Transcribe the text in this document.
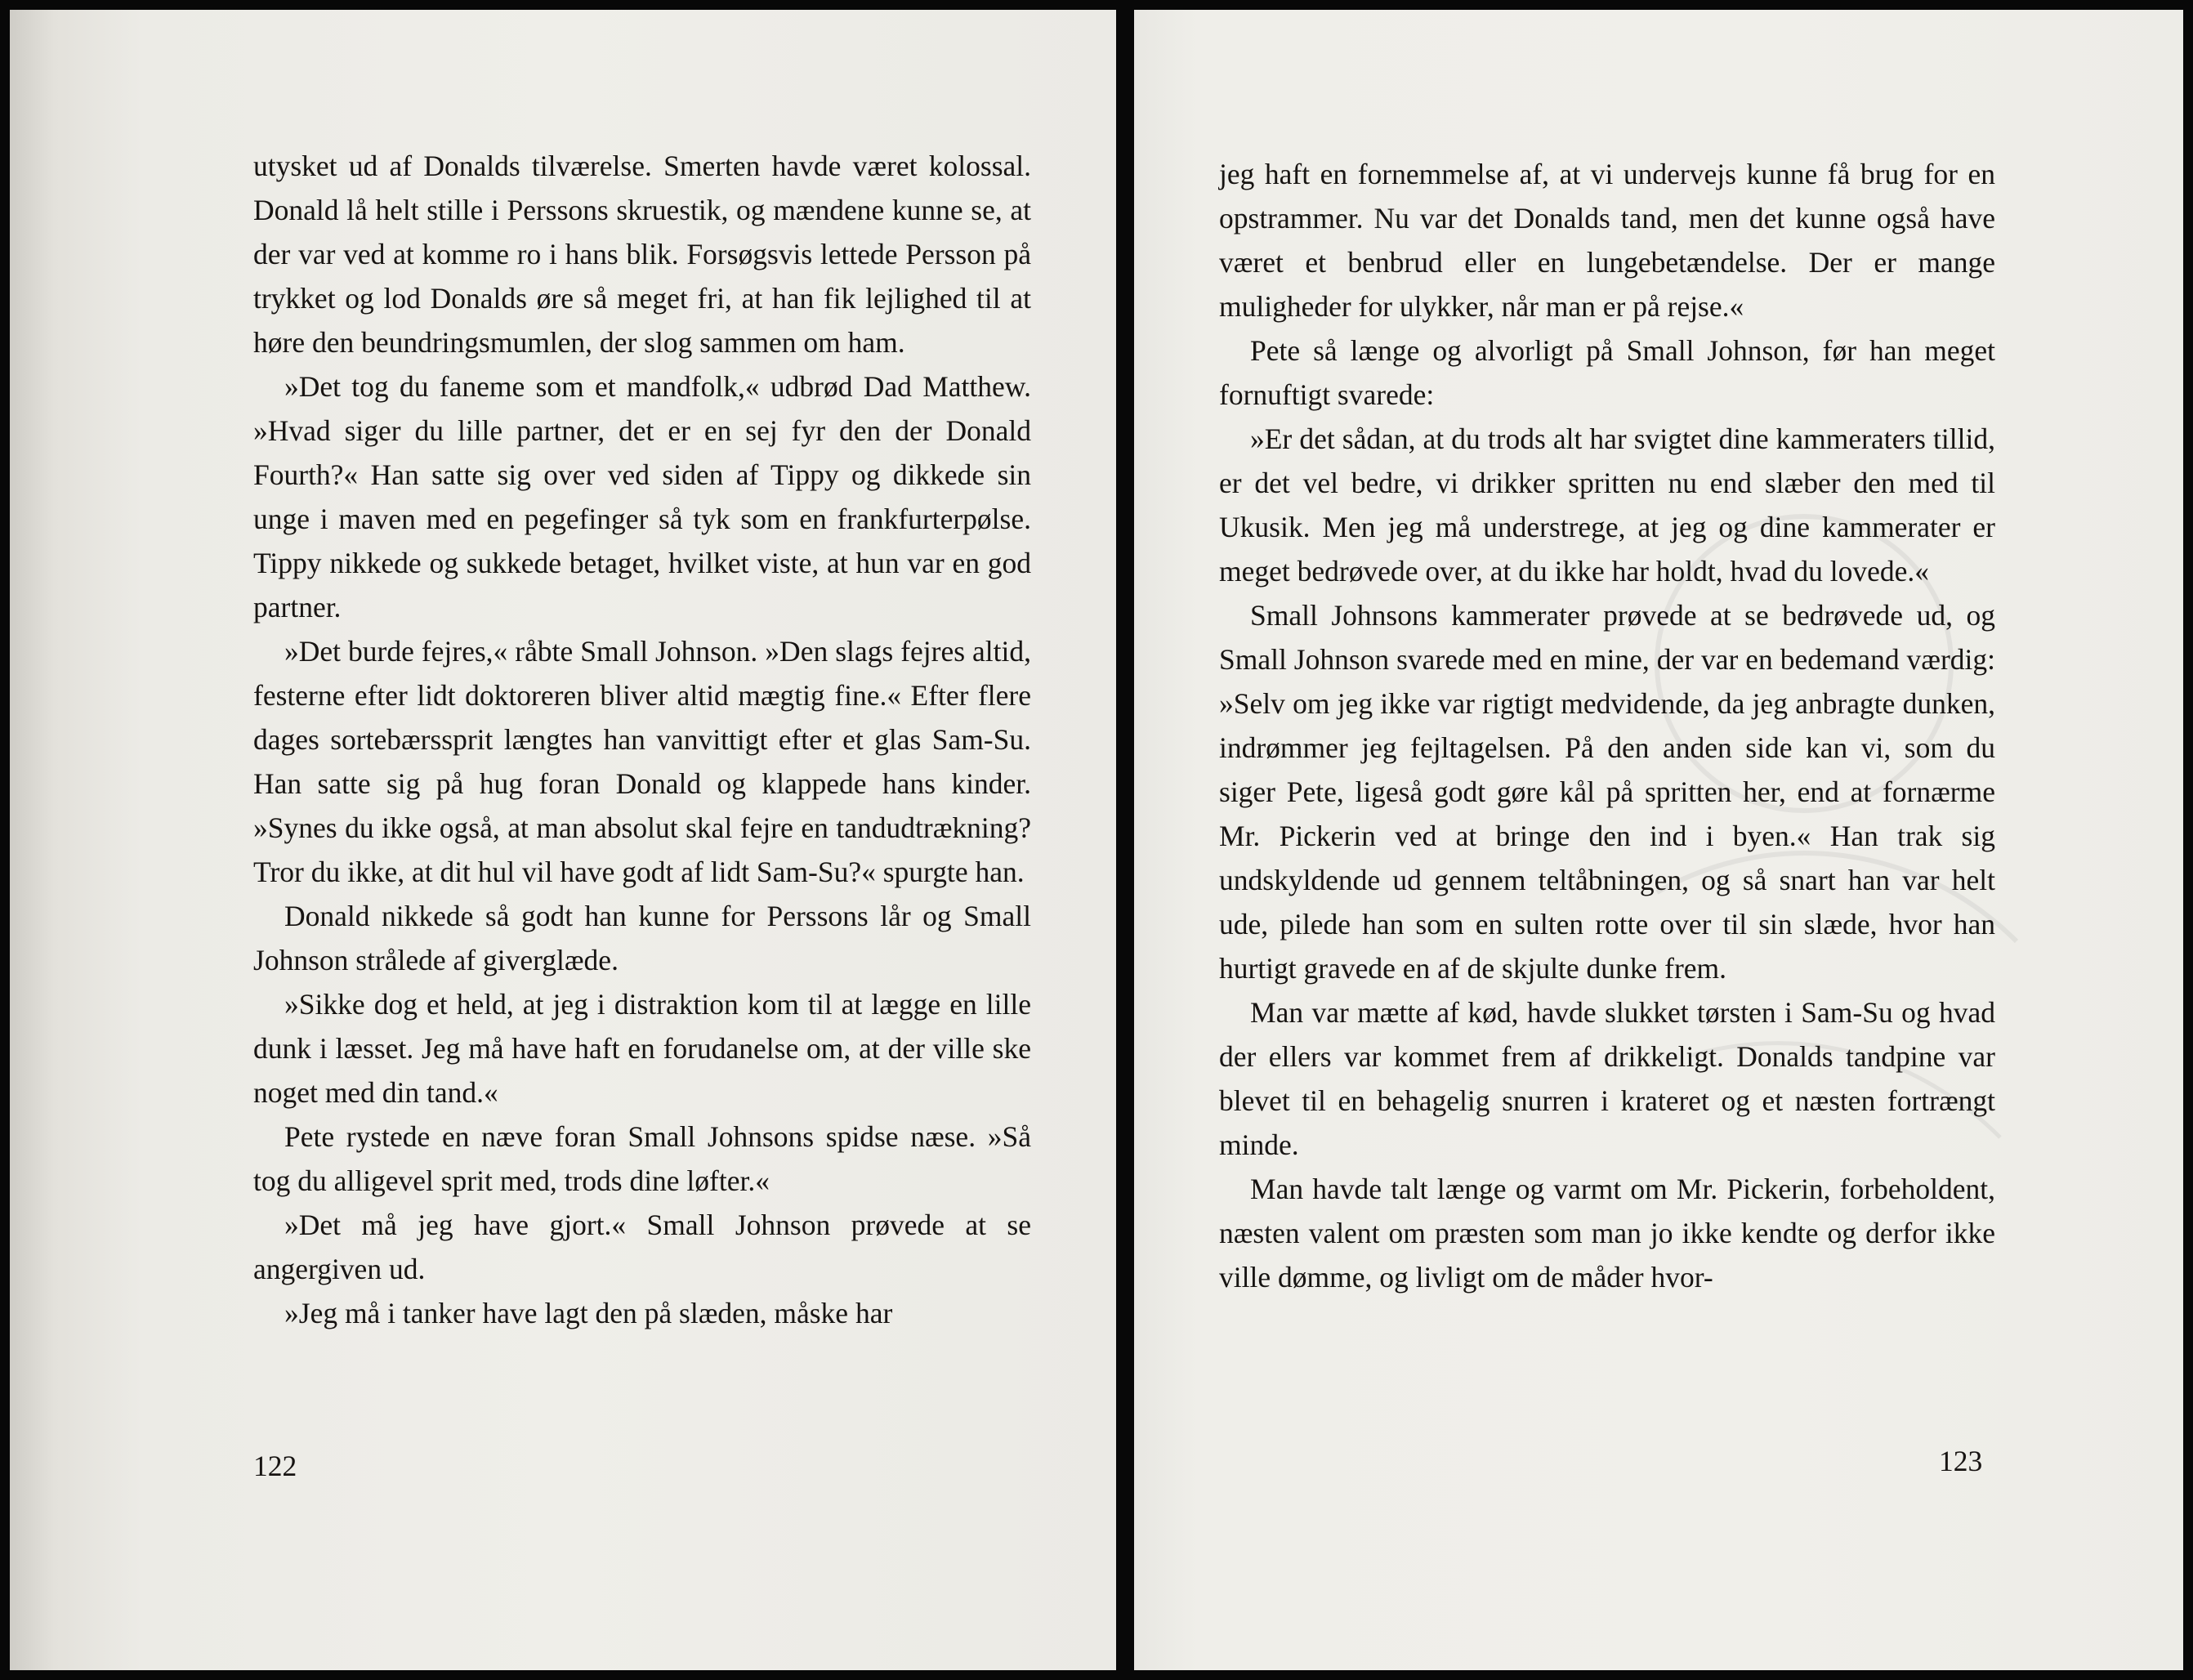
utysket ud af Donalds tilværelse. Smerten havde været kolossal. Donald lå helt stille i Perssons skruestik, og mændene kunne se, at der var ved at komme ro i hans blik. Forsøgsvis lettede Persson på trykket og lod Donalds øre så meget fri, at han fik lejlighed til at høre den beundringsmumlen, der slog sammen om ham.

»Det tog du faneme som et mandfolk,« udbrød Dad Matthew. »Hvad siger du lille partner, det er en sej fyr den der Donald Fourth?« Han satte sig over ved siden af Tippy og dikkede sin unge i maven med en pegefinger så tyk som en frankfurterpølse. Tippy nikkede og sukkede betaget, hvilket viste, at hun var en god partner.

»Det burde fejres,« råbte Small Johnson. »Den slags fejres altid, festerne efter lidt doktoreren bliver altid mægtig fine.« Efter flere dages sortebærssprit længtes han vanvittigt efter et glas Sam-Su. Han satte sig på hug foran Donald og klappede hans kinder. »Synes du ikke også, at man absolut skal fejre en tandudtrækning? Tror du ikke, at dit hul vil have godt af lidt Sam-Su?« spurgte han.

Donald nikkede så godt han kunne for Perssons lår og Small Johnson strålede af giverglæde.

»Sikke dog et held, at jeg i distraktion kom til at lægge en lille dunk i læsset. Jeg må have haft en forudanelse om, at der ville ske noget med din tand.«

Pete rystede en næve foran Small Johnsons spidse næse. »Så tog du alligevel sprit med, trods dine løfter.«

»Det må jeg have gjort.« Small Johnson prøvede at se angergiven ud.

»Jeg må i tanker have lagt den på slæden, måske har

122

jeg haft en fornemmelse af, at vi undervejs kunne få brug for en opstrammer. Nu var det Donalds tand, men det kunne også have været et benbrud eller en lungebetændelse. Der er mange muligheder for ulykker, når man er på rejse.«

Pete så længe og alvorligt på Small Johnson, før han meget fornuftigt svarede:

»Er det sådan, at du trods alt har svigtet dine kammeraters tillid, er det vel bedre, vi drikker spritten nu end slæber den med til Ukusik. Men jeg må understrege, at jeg og dine kammerater er meget bedrøvede over, at du ikke har holdt, hvad du lovede.«

Small Johnsons kammerater prøvede at se bedrøvede ud, og Small Johnson svarede med en mine, der var en bedemand værdig: »Selv om jeg ikke var rigtigt medvidende, da jeg anbragte dunken, indrømmer jeg fejltagelsen. På den anden side kan vi, som du siger Pete, ligeså godt gøre kål på spritten her, end at fornærme Mr. Pickerin ved at bringe den ind i byen.« Han trak sig undskyldende ud gennem teltåbningen, og så snart han var helt ude, pilede han som en sulten rotte over til sin slæde, hvor han hurtigt gravede en af de skjulte dunke frem.

Man var mætte af kød, havde slukket tørsten i Sam-Su og hvad der ellers var kommet frem af drikkeligt. Donalds tandpine var blevet til en behagelig snurren i krateret og et næsten fortrængt minde.

Man havde talt længe og varmt om Mr. Pickerin, forbeholdent, næsten valent om præsten som man jo ikke kendte og derfor ikke ville dømme, og livligt om de måder hvor-

123
